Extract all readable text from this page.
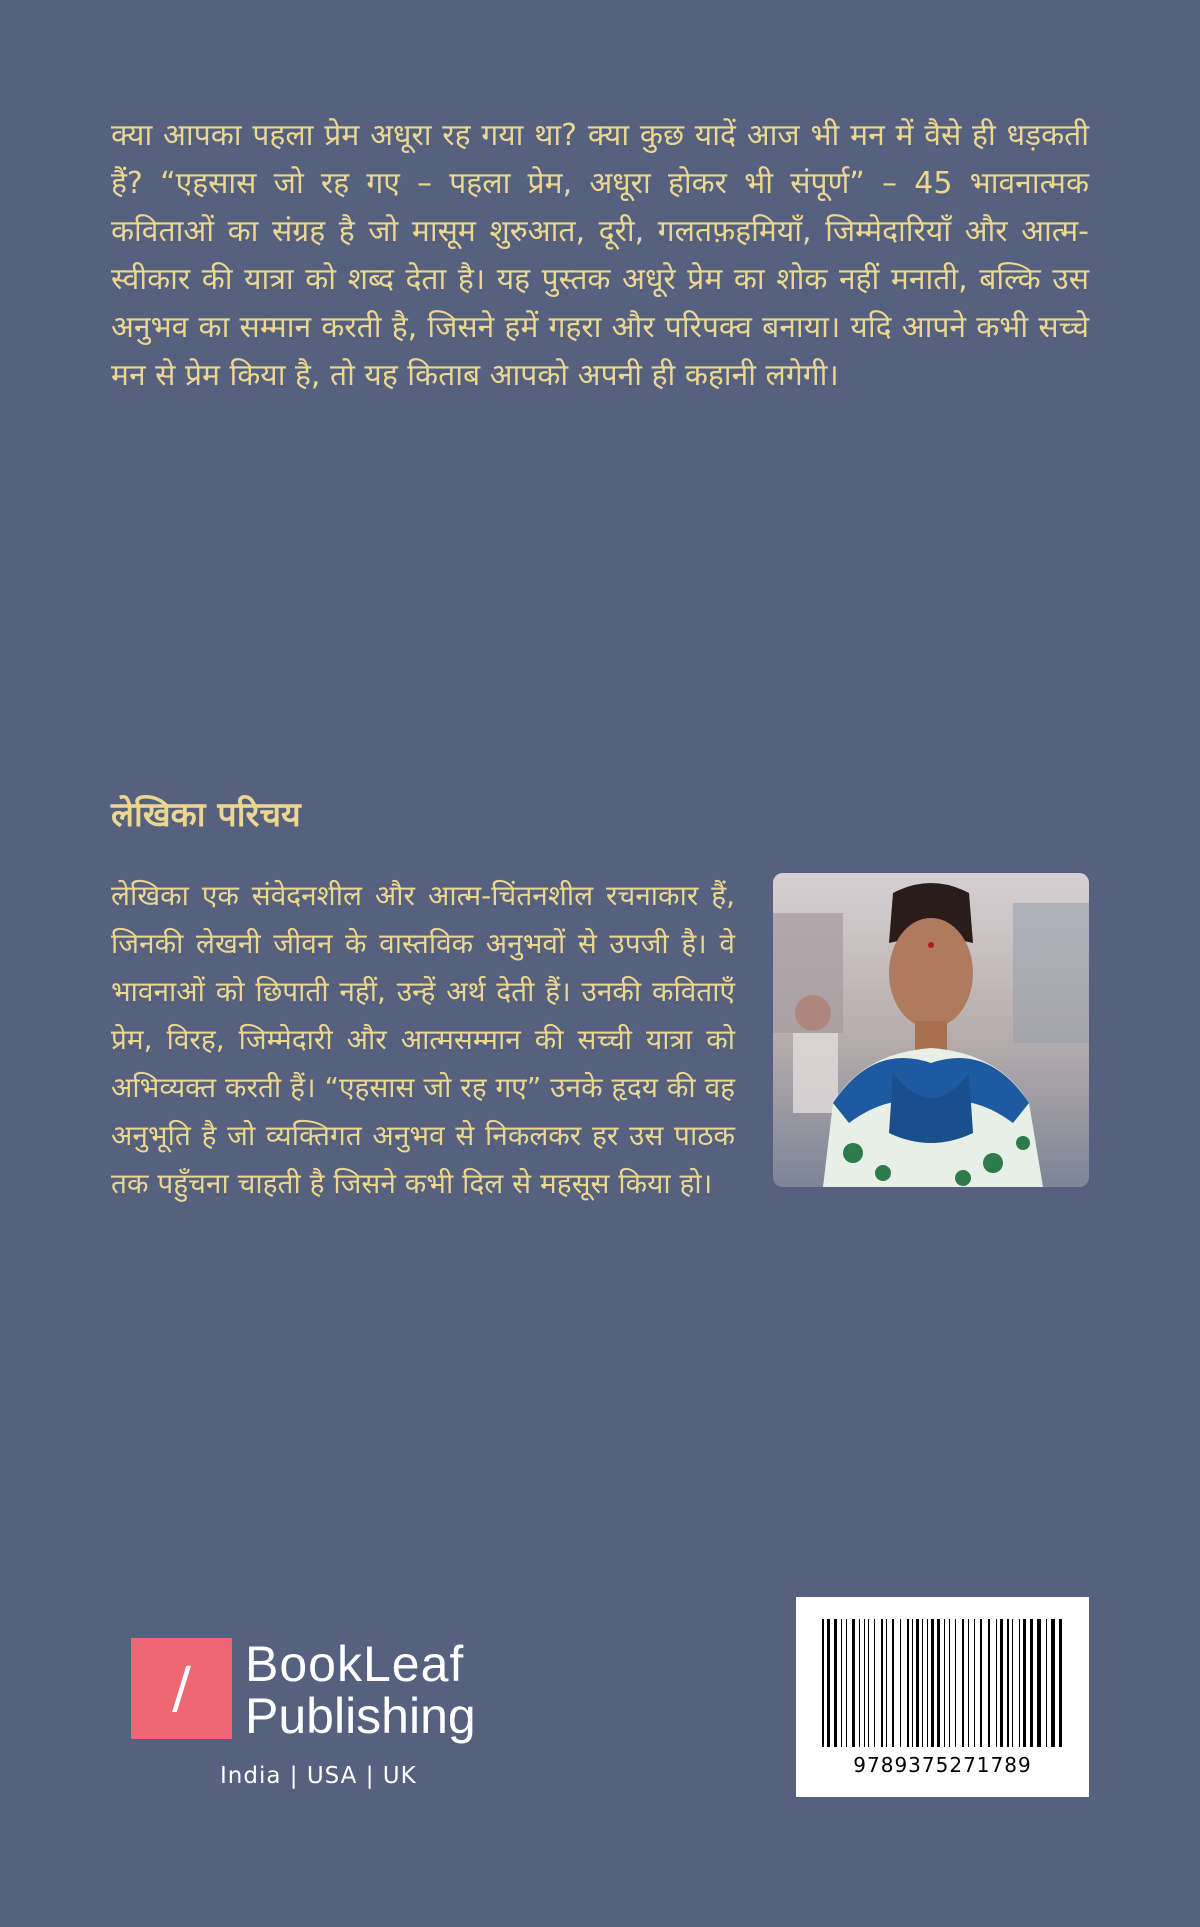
क्या आपका पहला प्रेम अधूरा रह गया था? क्या कुछ यादें आज भी मन में वैसे ही धड़कती हैं? “एहसास जो रह गए – पहला प्रेम, अधूरा होकर भी संपूर्ण” – 45 भावनात्मक कविताओं का संग्रह है जो मासूम शुरुआत, दूरी, गलतफ़हमियाँ, जिम्मेदारियाँ और आत्म-स्वीकार की यात्रा को शब्द देता है। यह पुस्तक अधूरे प्रेम का शोक नहीं मनाती, बल्कि उस अनुभव का सम्मान करती है, जिसने हमें गहरा और परिपक्व बनाया। यदि आपने कभी सच्चे मन से प्रेम किया है, तो यह किताब आपको अपनी ही कहानी लगेगी।

लेखिका परिचय

लेखिका एक संवेदनशील और आत्म-चिंतनशील रचनाकार हैं, जिनकी लेखनी जीवन के वास्तविक अनुभवों से उपजी है। वे भावनाओं को छिपाती नहीं, उन्हें अर्थ देती हैं। उनकी कविताएँ प्रेम, विरह, जिम्मेदारी और आत्मसम्मान की सच्ची यात्रा को अभिव्यक्त करती हैं। “एहसास जो रह गए” उनके हृदय की वह अनुभूति है जो व्यक्तिगत अनुभव से निकलकर हर उस पाठक तक पहुँचना चाहती है जिसने कभी दिल से महसूस किया हो।

/	BookLeaf
Publishing
India | USA | UK	9789375271789
